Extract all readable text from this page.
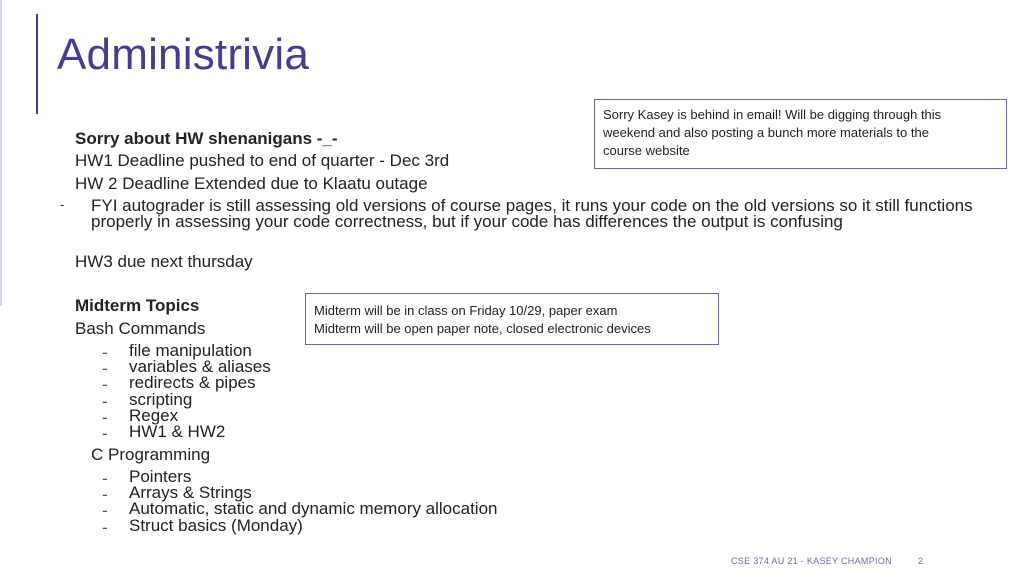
Administrivia
Sorry Kasey is behind in email! Will be digging through this
weekend and also posting a bunch more materials to the
course website
Sorry about HW shenanigans -_-
HW1 Deadline pushed to end of quarter - Dec 3rd
HW 2 Deadline Extended due to Klaatu outage
- FYI autograder is still assessing old versions of course pages, it runs your code on the old versions so it still functions properly in assessing your code correctness, but if your code has differences the output is confusing
HW3 due next thursday
Midterm Topics	Midterm will be in class on Friday 10/29, paper exam
Midterm will be open paper note, closed electronic devices
Bash Commands
- file manipulation
- variables & aliases
- redirects & pipes
- scripting
- Regex
- HW1 & HW2
C Programming
- Pointers
- Arrays & Strings
- Automatic, static and dynamic memory allocation
- Struct basics (Monday)
CSE 374 AU 21 - KASEY CHAMPION	2
